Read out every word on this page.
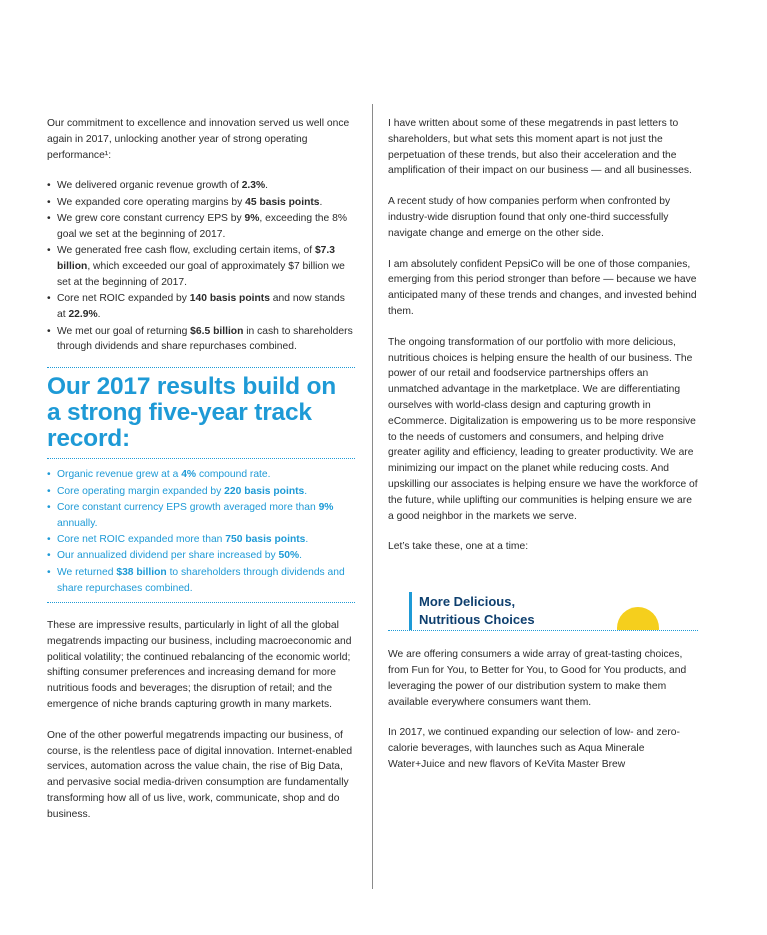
Our commitment to excellence and innovation served us well once again in 2017, unlocking another year of strong operating performance¹:

• We delivered organic revenue growth of 2.3%.
• We expanded core operating margins by 45 basis points.
• We grew core constant currency EPS by 9%, exceeding the 8% goal we set at the beginning of 2017.
• We generated free cash flow, excluding certain items, of $7.3 billion, which exceeded our goal of approximately $7 billion we set at the beginning of 2017.
• Core net ROIC expanded by 140 basis points and now stands at 22.9%.
• We met our goal of returning $6.5 billion in cash to shareholders through dividends and share repurchases combined.
Our 2017 results build on a strong five-year track record:
• Organic revenue grew at a 4% compound rate.
• Core operating margin expanded by 220 basis points.
• Core constant currency EPS growth averaged more than 9% annually.
• Core net ROIC expanded more than 750 basis points.
• Our annualized dividend per share increased by 50%.
• We returned $38 billion to shareholders through dividends and share repurchases combined.

These are impressive results, particularly in light of all the global megatrends impacting our business, including macroeconomic and political volatility; the continued rebalancing of the economic world; shifting consumer preferences and increasing demand for more nutritious foods and beverages; the disruption of retail; and the emergence of niche brands capturing growth in many markets.

One of the other powerful megatrends impacting our business, of course, is the relentless pace of digital innovation. Internet-enabled services, automation across the value chain, the rise of Big Data, and pervasive social media-driven consumption are fundamentally transforming how all of us live, work, communicate, shop and do business.

I have written about some of these megatrends in past letters to shareholders, but what sets this moment apart is not just the perpetuation of these trends, but also their acceleration and the amplification of their impact on our business — and all businesses.

A recent study of how companies perform when confronted by industry-wide disruption found that only one-third successfully navigate change and emerge on the other side.

I am absolutely confident PepsiCo will be one of those companies, emerging from this period stronger than before — because we have anticipated many of these trends and changes, and invested behind them.

The ongoing transformation of our portfolio with more delicious, nutritious choices is helping ensure the health of our business. The power of our retail and foodservice partnerships offers an unmatched advantage in the marketplace. We are differentiating ourselves with world-class design and capturing growth in eCommerce. Digitalization is empowering us to be more responsive to the needs of customers and consumers, and helping drive greater agility and efficiency, leading to greater productivity. We are minimizing our impact on the planet while reducing costs. And upskilling our associates is helping ensure we have the workforce of the future, while uplifting our communities is helping ensure we are a good neighbor in the markets we serve.

Let’s take these, one at a time:

More Delicious,
Nutritious Choices

We are offering consumers a wide array of great-tasting choices, from Fun for You, to Better for You, to Good for You products, and leveraging the power of our distribution system to make them available everywhere consumers want them.

In 2017, we continued expanding our selection of low- and zero-calorie beverages, with launches such as Aqua Minerale Water+Juice and new flavors of KeVita Master Brew
